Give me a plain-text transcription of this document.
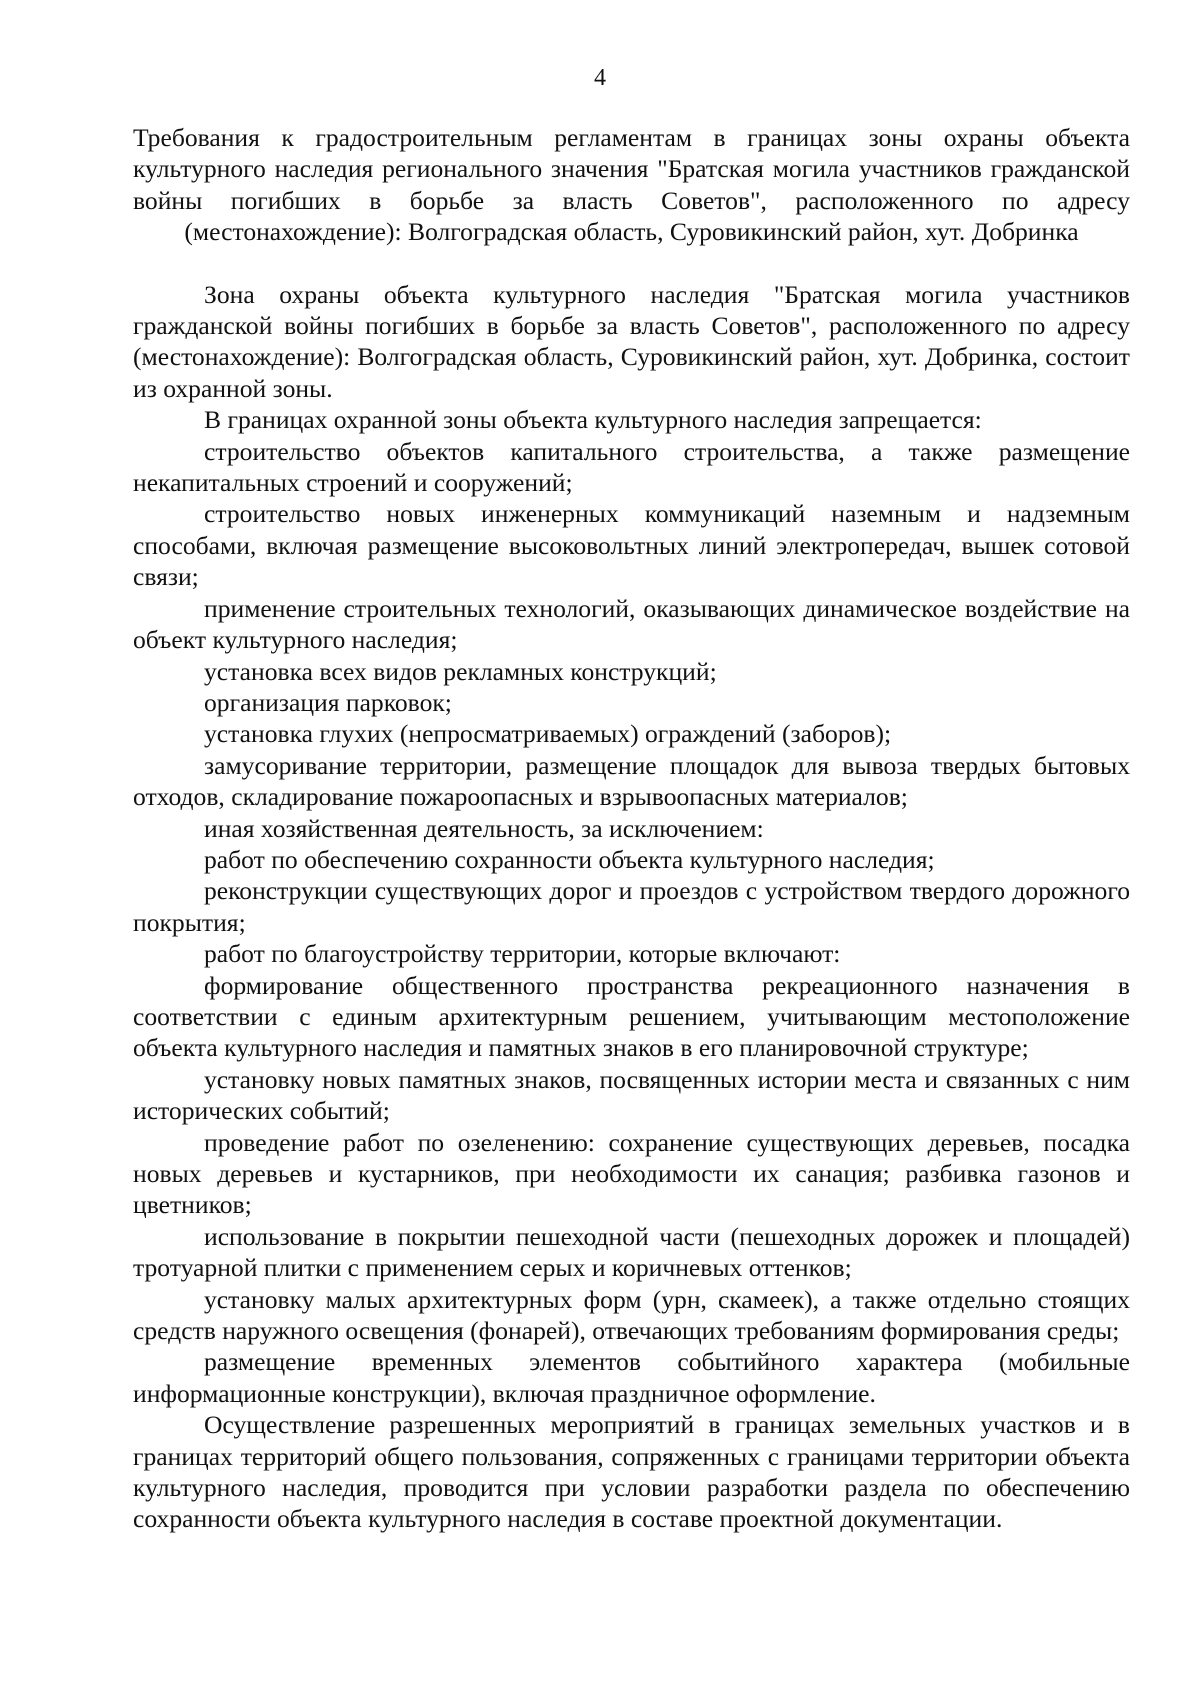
4
Требования к градостроительным регламентам в границах зоны охраны объекта культурного наследия регионального значения "Братская могила участников гражданской войны погибших в борьбе за власть Советов", расположенного по адресу (местонахождение): Волгоградская область, Суровикинский район, хут. Добринка

Зона охраны объекта культурного наследия "Братская могила участников гражданской войны погибших в борьбе за власть Советов", расположенного по адресу (местонахождение): Волгоградская область, Суровикинский район, хут. Добринка, состоит из охранной зоны.

В границах охранной зоны объекта культурного наследия запрещается:

строительство объектов капитального строительства, а также размещение некапитальных строений и сооружений;

строительство новых инженерных коммуникаций наземным и надземным способами, включая размещение высоковольтных линий электропередач, вышек сотовой связи;

применение строительных технологий, оказывающих динамическое воздействие на объект культурного наследия;

установка всех видов рекламных конструкций;

организация парковок;

установка глухих (непросматриваемых) ограждений (заборов);

замусоривание территории, размещение площадок для вывоза твердых бытовых отходов, складирование пожароопасных и взрывоопасных материалов;

иная хозяйственная деятельность, за исключением:

работ по обеспечению сохранности объекта культурного наследия;

реконструкции существующих дорог и проездов с устройством твердого дорожного покрытия;

работ по благоустройству территории, которые включают:

формирование общественного пространства рекреационного назначения в соответствии с единым архитектурным решением, учитывающим местоположение объекта культурного наследия и памятных знаков в его планировочной структуре;

установку новых памятных знаков, посвященных истории места и связанных с ним исторических событий;

проведение работ по озеленению: сохранение существующих деревьев, посадка новых деревьев и кустарников, при необходимости их санация; разбивка газонов и цветников;

использование в покрытии пешеходной части (пешеходных дорожек и площадей) тротуарной плитки с применением серых и коричневых оттенков;

установку малых архитектурных форм (урн, скамеек), а также отдельно стоящих средств наружного освещения (фонарей), отвечающих требованиям формирования среды;

размещение временных элементов событийного характера (мобильные информационные конструкции), включая праздничное оформление.

Осуществление разрешенных мероприятий в границах земельных участков и в границах территорий общего пользования, сопряженных с границами территории объекта культурного наследия, проводится при условии разработки раздела по обеспечению сохранности объекта культурного наследия в составе проектной документации.
